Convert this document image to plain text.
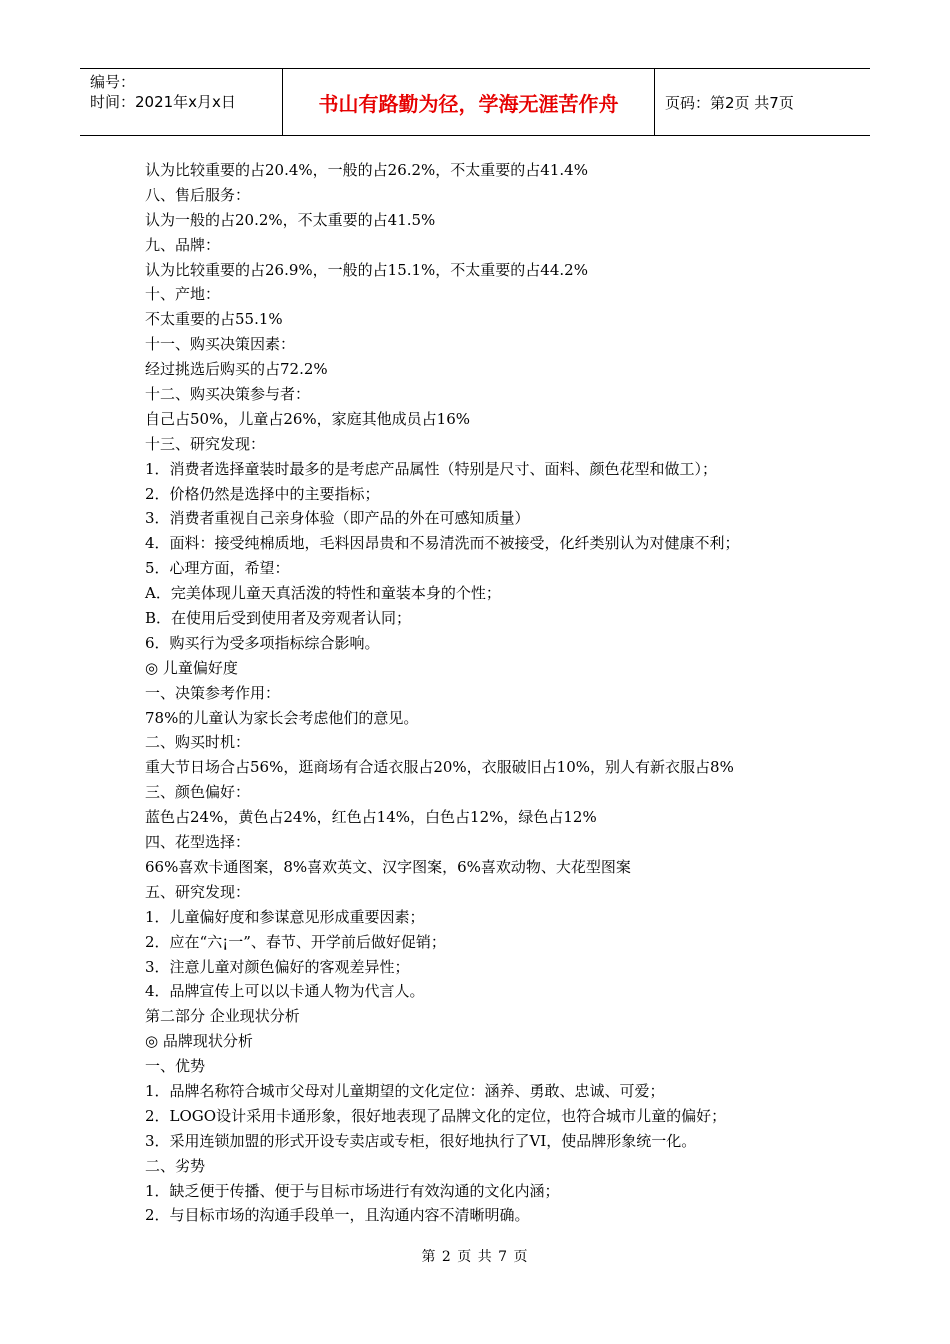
编号：
时间：2021年x月x日	书山有路勤为径，学海无涯苦作舟	页码：第2页 共7页
认为比较重要的占20.4%，一般的占26.2%，不太重要的占41.4%
八、售后服务：
认为一般的占20.2%，不太重要的占41.5%
九、品牌：
认为比较重要的占26.9%，一般的占15.1%，不太重要的占44.2%
十、产地：
不太重要的占55.1%
十一、购买决策因素：
经过挑选后购买的占72.2%
十二、购买决策参与者：
自己占50%，儿童占26%，家庭其他成员占16%
十三、研究发现：
1．消费者选择童装时最多的是考虑产品属性（特别是尺寸、面料、颜色花型和做工）；
2．价格仍然是选择中的主要指标；
3．消费者重视自己亲身体验（即产品的外在可感知质量）
4．面料：接受纯棉质地，毛料因昂贵和不易清洗而不被接受，化纤类别认为对健康不利；
5．心理方面，希望：
A．完美体现儿童天真活泼的特性和童装本身的个性；
B．在使用后受到使用者及旁观者认同；
6．购买行为受多项指标综合影响。
◎ 儿童偏好度
一、决策参考作用：
78%的儿童认为家长会考虑他们的意见。
二、购买时机：
重大节日场合占56%，逛商场有合适衣服占20%，衣服破旧占10%，别人有新衣服占8%
三、颜色偏好：
蓝色占24%，黄色占24%，红色占14%，白色占12%，绿色占12%
四、花型选择：
66%喜欢卡通图案，8%喜欢英文、汉字图案，6%喜欢动物、大花型图案
五、研究发现：
1．儿童偏好度和参谋意见形成重要因素；
2．应在“六¡一”、春节、开学前后做好促销；
3．注意儿童对颜色偏好的客观差异性；
4．品牌宣传上可以以卡通人物为代言人。
第二部分 企业现状分析
◎ 品牌现状分析
一、优势
1．品牌名称符合城市父母对儿童期望的文化定位：涵养、勇敢、忠诚、可爱；
2．LOGO设计采用卡通形象，很好地表现了品牌文化的定位，也符合城市儿童的偏好；
3．采用连锁加盟的形式开设专卖店或专柜，很好地执行了VI，使品牌形象统一化。
二、劣势
1．缺乏便于传播、便于与目标市场进行有效沟通的文化内涵；
2．与目标市场的沟通手段单一，且沟通内容不清晰明确。
第 2 页 共 7 页
